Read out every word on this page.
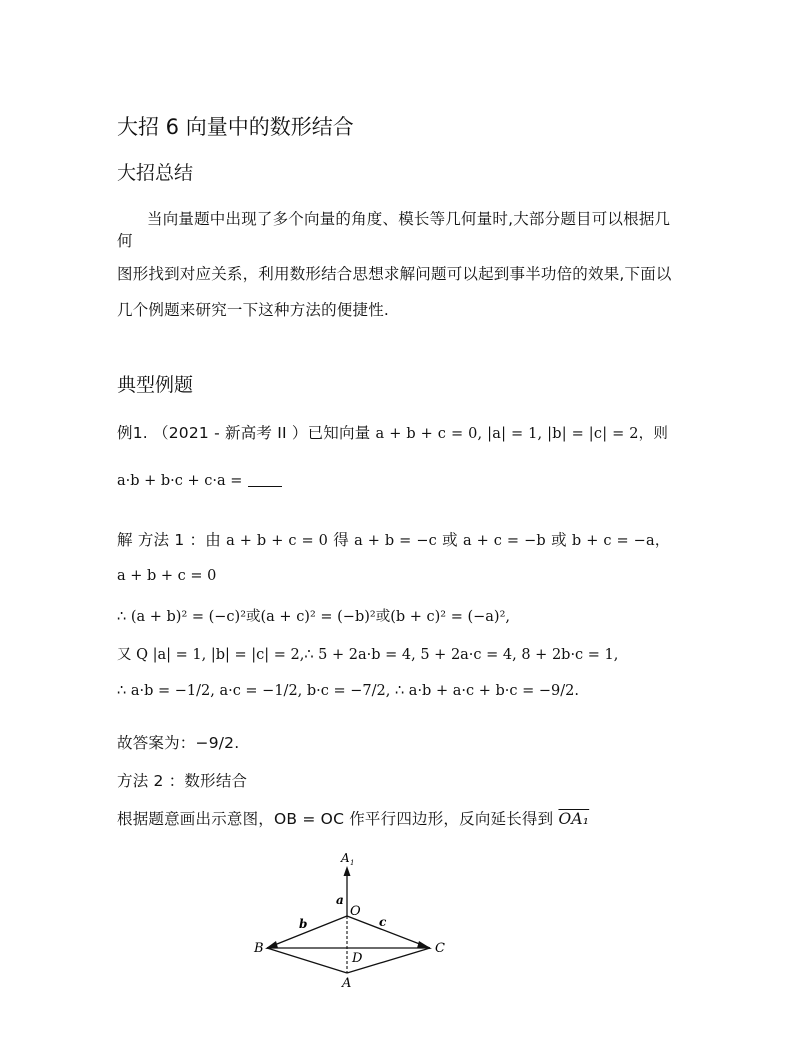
大招 6 向量中的数形结合
大招总结
当向量题中出现了多个向量的角度、模长等几何量时,大部分题目可以根据几
何
图形找到对应关系，利用数形结合思想求解问题可以起到事半功倍的效果,下面以
几个例题来研究一下这种方法的便捷性.
典型例题
例1. （2021 - 新高考 II ）已知向量 a + b + c = 0, |a| = 1, |b| = |c| = 2，则
a·b + b·c + c·a =
解 方法 1 ：由 a + b + c = 0 得 a + b = −c 或 a + c = −b 或 b + c = −a，
a + b + c = 0
∴ (a + b)² = (−c)²或(a + c)² = (−b)²或(b + c)² = (−a)²,
又 Q |a| = 1, |b| = |c| = 2,∴ 5 + 2a·b = 4, 5 + 2a·c = 4, 8 + 2b·c = 1,
∴ a·b = −1/2, a·c = −1/2, b·c = −7/2, ∴ a·b + a·c + b·c = −9/2.
故答案为：−9/2.
方法 2 ：数形结合
根据题意画出示意图，OB = OC 作平行四边形，反向延长得到 OA₁
A 1
a
O
b	c
B	C
D
A
